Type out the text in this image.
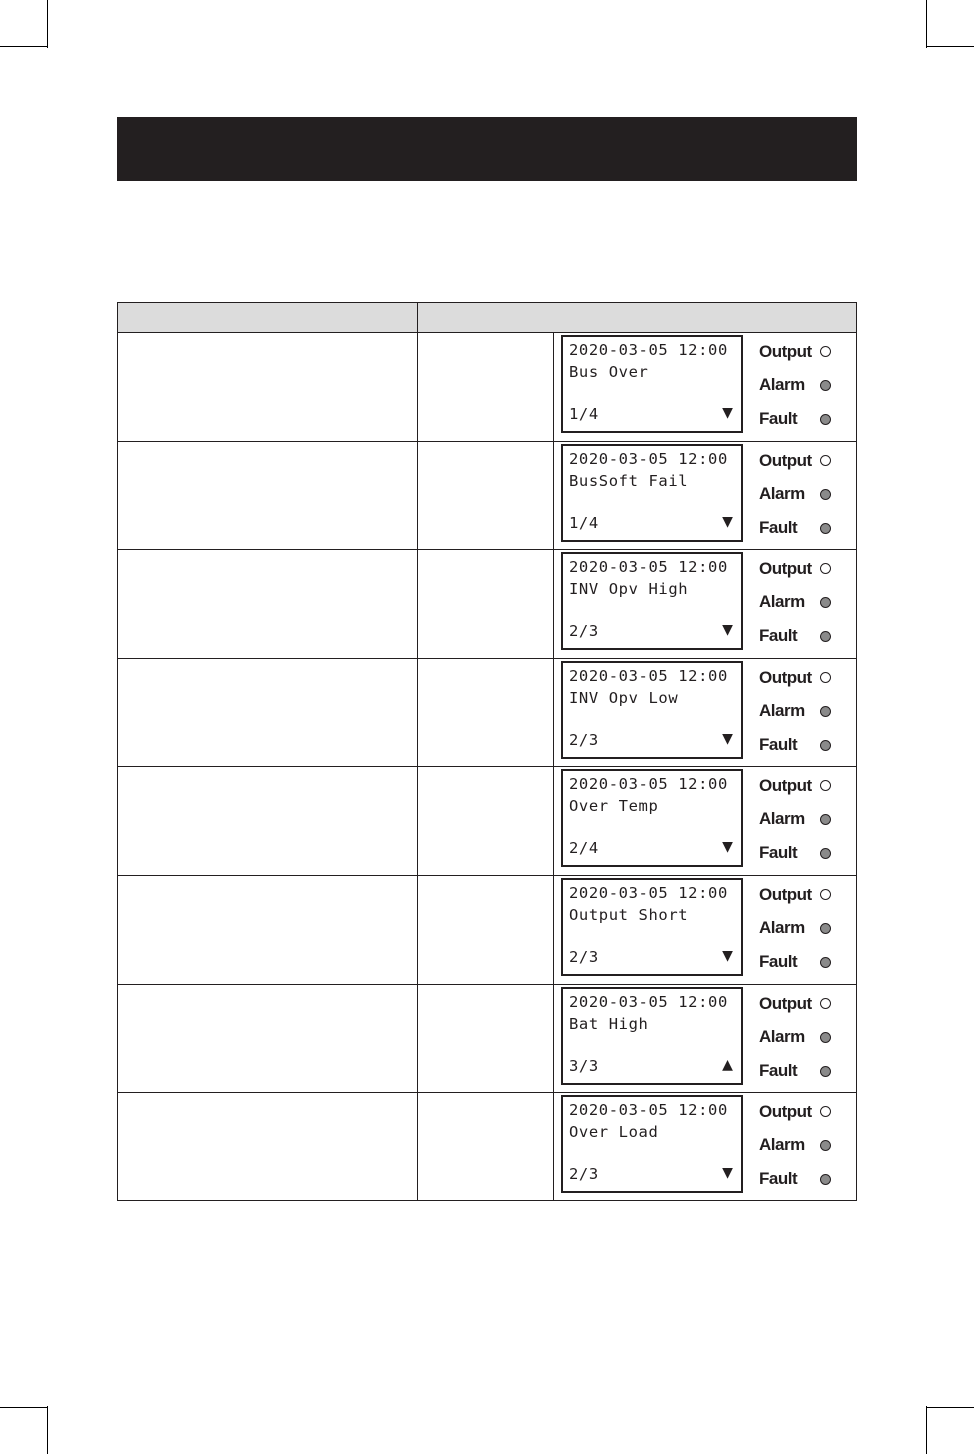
2020-03-05 12:00
Bus Over
1/4	▼
Output
Alarm
Fault
2020-03-05 12:00
BusSoft Fail
1/4	▼
Output
Alarm
Fault
2020-03-05 12:00
INV Opv High
2/3	▼
Output
Alarm
Fault
2020-03-05 12:00
INV Opv Low
2/3	▼
Output
Alarm
Fault
2020-03-05 12:00
Over Temp
2/4	▼
Output
Alarm
Fault
2020-03-05 12:00
Output Short
2/3	▼
Output
Alarm
Fault
2020-03-05 12:00
Bat High
3/3	▲
Output
Alarm
Fault
2020-03-05 12:00
Over Load
2/3	▼
Output
Alarm
Fault
